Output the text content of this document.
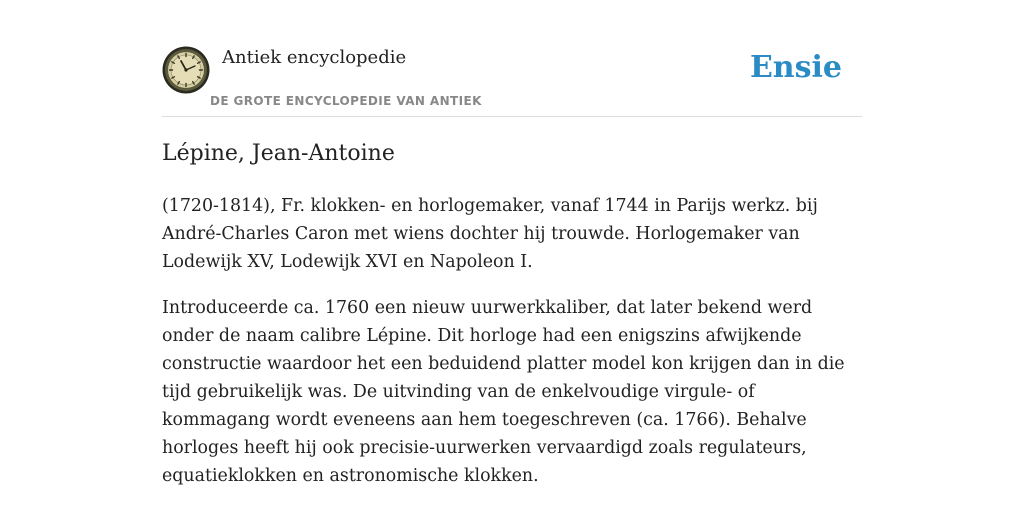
Antiek encyclopedie
DE GROTE ENCYCLOPEDIE VAN ANTIEK
Ensie
Lépine, Jean-Antoine

(1720-1814), Fr. klokken- en horlogemaker, vanaf 1744 in Parijs werkz. bij André-Charles Caron met wiens dochter hij trouwde. Horlogemaker van Lodewijk XV, Lodewijk XVI en Napoleon I.

Introduceerde ca. 1760 een nieuw uurwerkkaliber, dat later bekend werd onder de naam calibre Lépine. Dit horloge had een enigszins afwijkende constructie waardoor het een beduidend platter model kon krijgen dan in die tijd gebruikelijk was. De uitvinding van de enkelvoudige virgule- of kommagang wordt eveneens aan hem toegeschreven (ca. 1766). Behalve horloges heeft hij ook precisie-uurwerken vervaardigd zoals regulateurs, equatieklokken en astronomische klokken.
